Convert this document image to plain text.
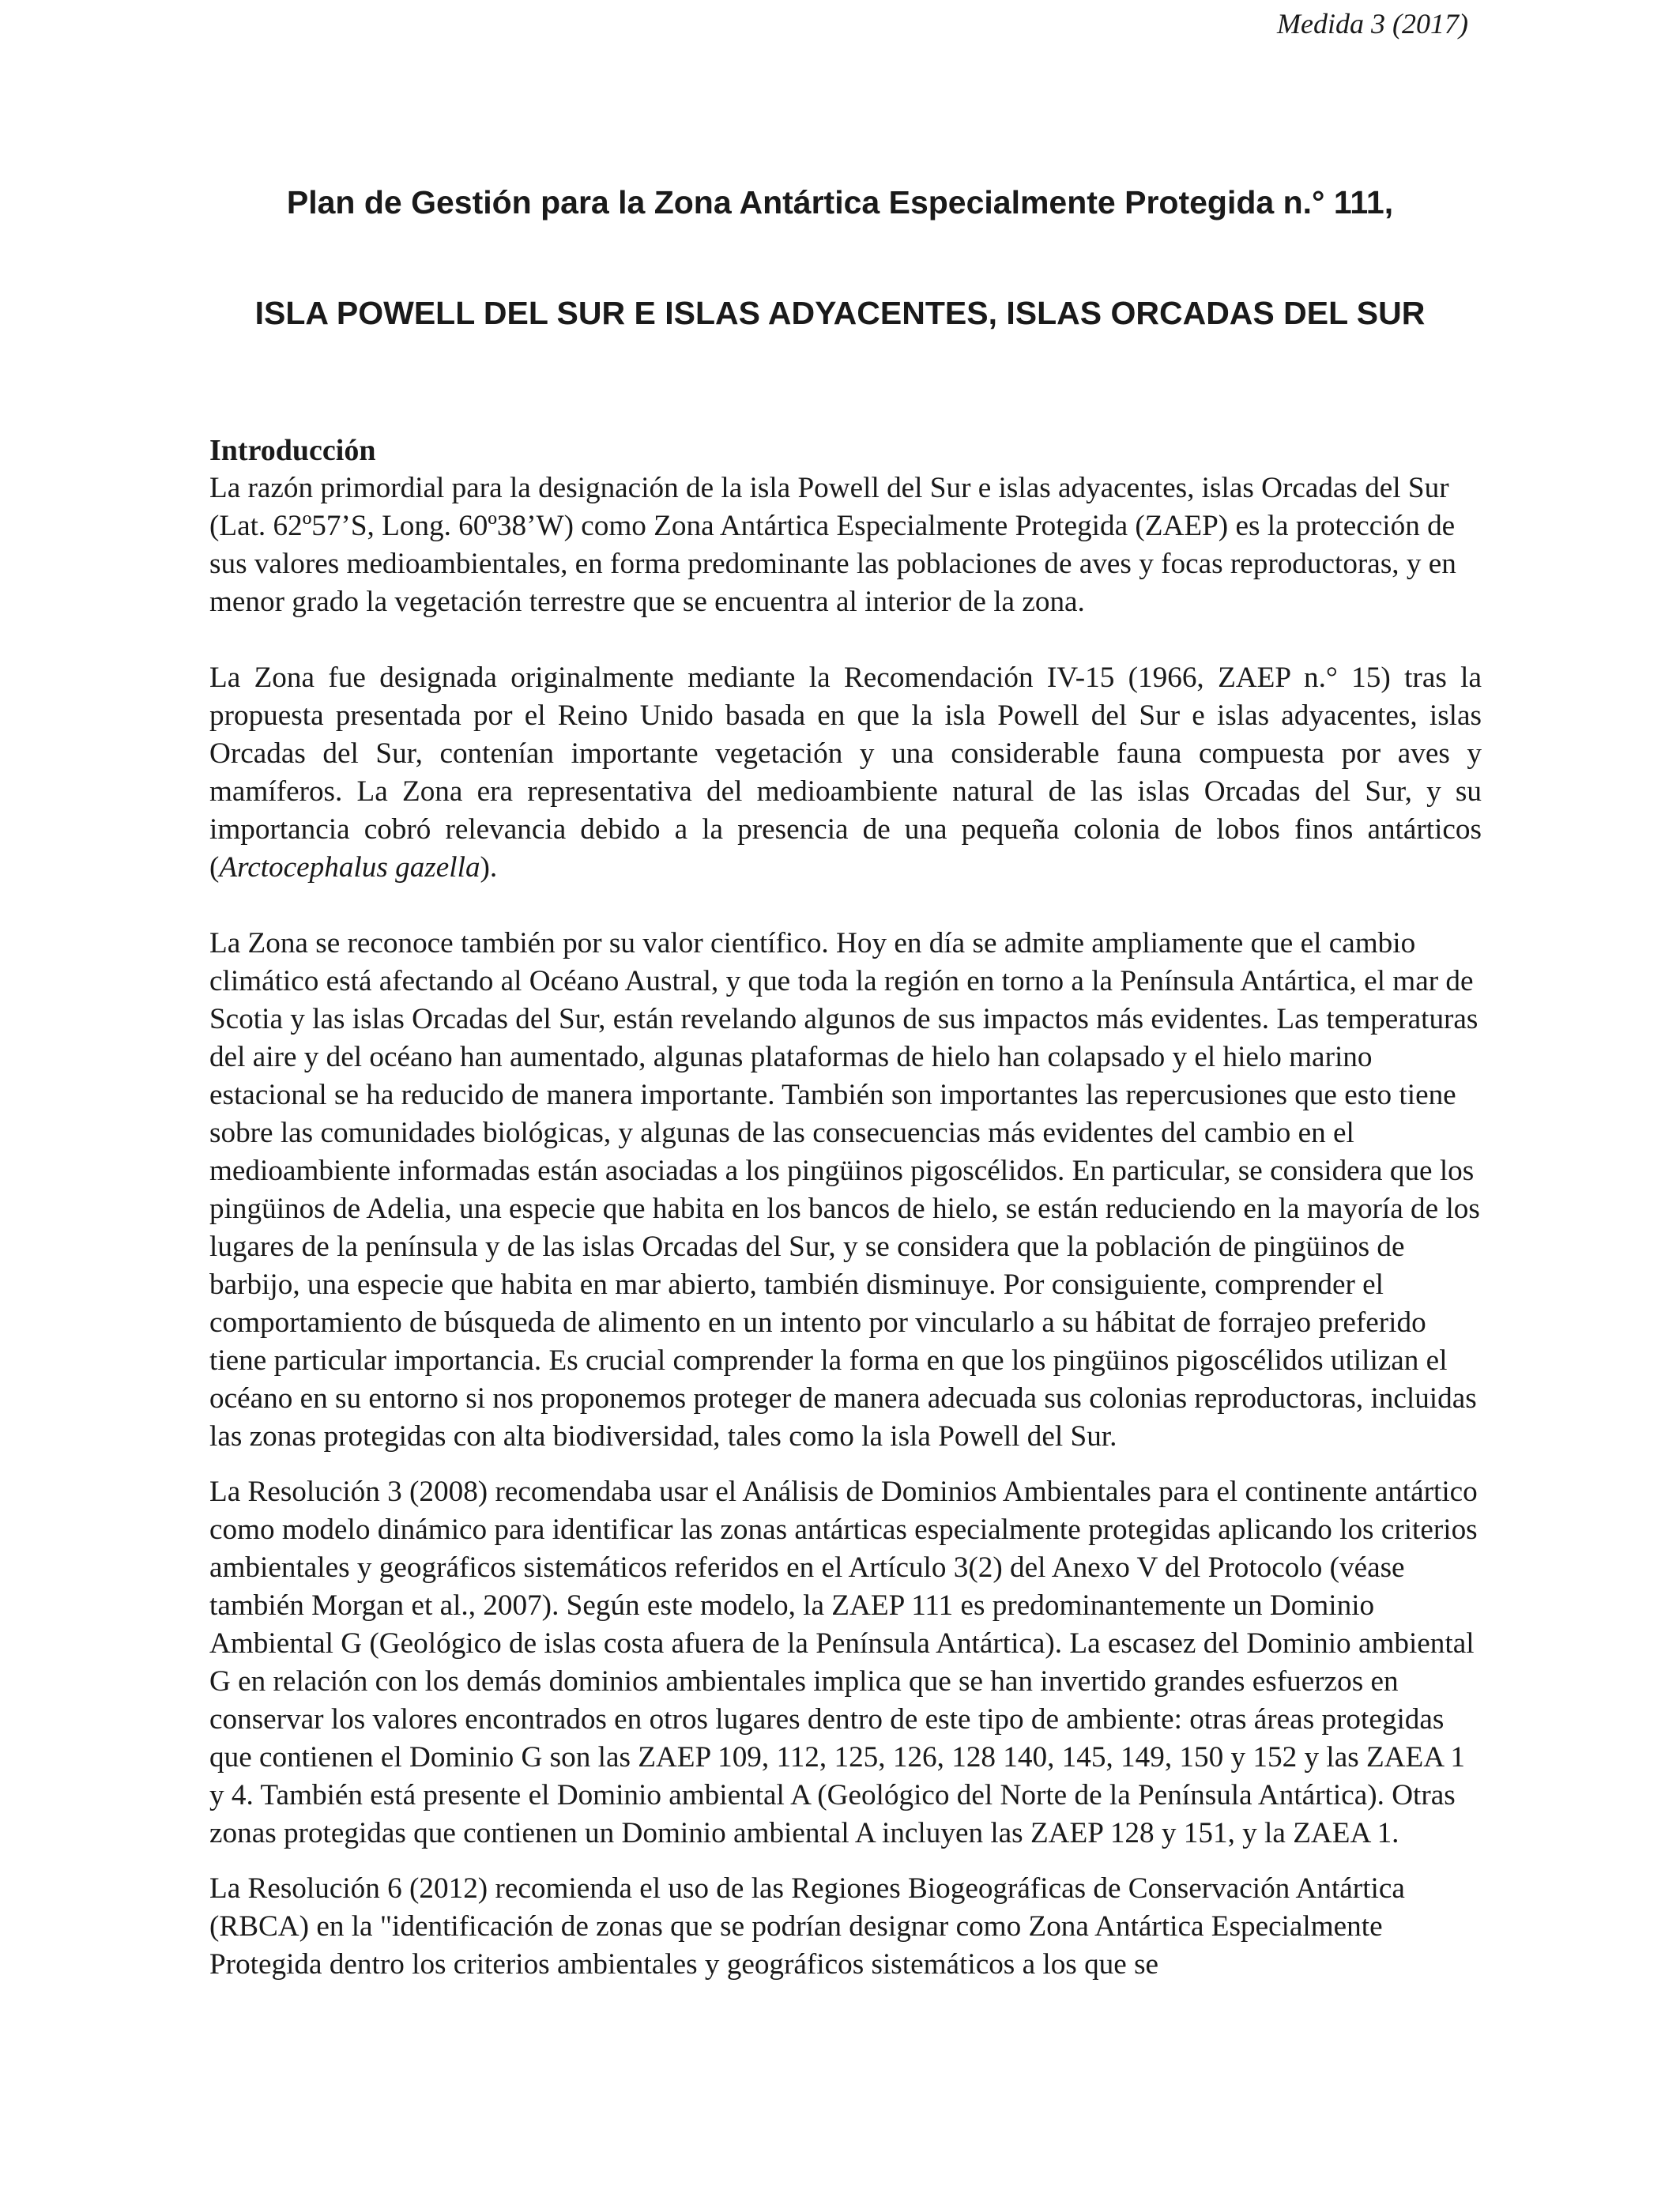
Medida 3 (2017)
Plan de Gestión para la Zona Antártica Especialmente Protegida n.° 111,
ISLA POWELL DEL SUR E ISLAS ADYACENTES, ISLAS ORCADAS DEL SUR
Introducción

La razón primordial para la designación de la isla Powell del Sur e islas adyacentes, islas Orcadas del Sur (Lat. 62º57’S, Long. 60º38’W) como Zona Antártica Especialmente Protegida (ZAEP) es la protección de sus valores medioambientales, en forma predominante las poblaciones de aves y focas reproductoras, y en menor grado la vegetación terrestre que se encuentra al interior de la zona.

La Zona fue designada originalmente mediante la Recomendación IV-15 (1966, ZAEP n.° 15) tras la propuesta presentada por el Reino Unido basada en que la isla Powell del Sur e islas adyacentes, islas Orcadas del Sur, contenían importante vegetación y una considerable fauna compuesta por aves y mamíferos. La Zona era representativa del medioambiente natural de las islas Orcadas del Sur, y su importancia cobró relevancia debido a la presencia de una pequeña colonia de lobos finos antárticos (Arctocephalus gazella).

La Zona se reconoce también por su valor científico. Hoy en día se admite ampliamente que el cambio climático está afectando al Océano Austral, y que toda la región en torno a la Península Antártica, el mar de Scotia y las islas Orcadas del Sur, están revelando algunos de sus impactos más evidentes. Las temperaturas del aire y del océano han aumentado, algunas plataformas de hielo han colapsado y el hielo marino estacional se ha reducido de manera importante. También son importantes las repercusiones que esto tiene sobre las comunidades biológicas, y algunas de las consecuencias más evidentes del cambio en el medioambiente informadas están asociadas a los pingüinos pigoscélidos. En particular, se considera que los pingüinos de Adelia, una especie que habita en los bancos de hielo, se están reduciendo en la mayoría de los lugares de la península y de las islas Orcadas del Sur, y se considera que la población de pingüinos de barbijo, una especie que habita en mar abierto, también disminuye. Por consiguiente, comprender el comportamiento de búsqueda de alimento en un intento por vincularlo a su hábitat de forrajeo preferido tiene particular importancia. Es crucial comprender la forma en que los pingüinos pigoscélidos utilizan el océano en su entorno si nos proponemos proteger de manera adecuada sus colonias reproductoras, incluidas las zonas protegidas con alta biodiversidad, tales como la isla Powell del Sur.

La Resolución 3 (2008) recomendaba usar el Análisis de Dominios Ambientales para el continente antártico como modelo dinámico para identificar las zonas antárticas especialmente protegidas aplicando los criterios ambientales y geográficos sistemáticos referidos en el Artículo 3(2) del Anexo V del Protocolo (véase también Morgan et al., 2007). Según este modelo, la ZAEP 111 es predominantemente un Dominio Ambiental G (Geológico de islas costa afuera de la Península Antártica). La escasez del Dominio ambiental G en relación con los demás dominios ambientales implica que se han invertido grandes esfuerzos en conservar los valores encontrados en otros lugares dentro de este tipo de ambiente: otras áreas protegidas que contienen el Dominio G son las ZAEP 109, 112, 125, 126, 128 140, 145, 149, 150 y 152 y las ZAEA 1 y 4. También está presente el Dominio ambiental A (Geológico del Norte de la Península Antártica). Otras zonas protegidas que contienen un Dominio ambiental A incluyen las ZAEP 128 y 151, y la ZAEA 1.

La Resolución 6 (2012) recomienda el uso de las Regiones Biogeográficas de Conservación Antártica (RBCA) en la "identificación de zonas que se podrían designar como Zona Antártica Especialmente Protegida dentro los criterios ambientales y geográficos sistemáticos a los que se
